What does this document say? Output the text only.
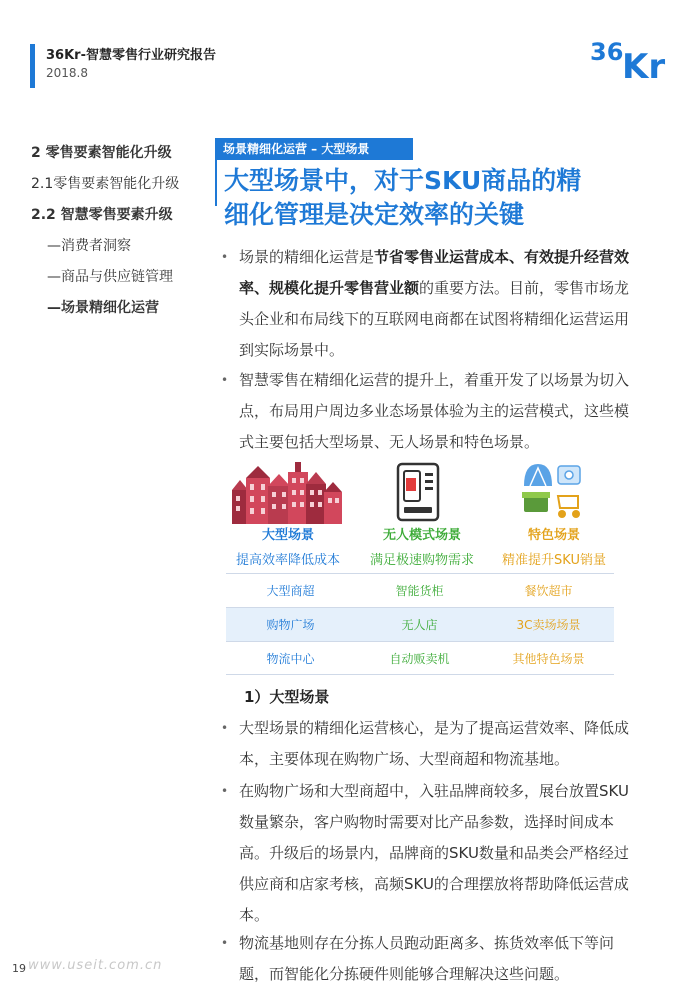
36Kr-智慧零售行业研究报告
2018.8
36
Kr
2 零售要素智能化升级
2.1零售要素智能化升级
2.2 智慧零售要素升级
—消费者洞察
—商品与供应链管理
—场景精细化运营
场景精细化运营 – 大型场景
大型场景中，对于SKU商品的精
细化管理是决定效率的关键
• 场景的精细化运营是节省零售业运营成本、有效提升经营效率、规模化提升零售营业额的重要方法。目前，零售市场龙头企业和布局线下的互联网电商都在试图将精细化运营运用到实际场景中。
• 智慧零售在精细化运营的提升上，着重开发了以场景为切入点，布局用户周边多业态场景体验为主的运营模式，这些模式主要包括大型场景、无人场景和特色场景。
大型场景
提高效率降低成本
无人模式场景
满足极速购物需求
特色场景
精准提升SKU销量
大型商超	智能货柜	餐饮超市
购物广场	无人店	3C卖场场景
物流中心	自动贩卖机	其他特色场景
1）大型场景
• 大型场景的精细化运营核心，是为了提高运营效率、降低成本，主要体现在购物广场、大型商超和物流基地。
• 在购物广场和大型商超中，入驻品牌商较多，展台放置SKU数量繁杂，客户购物时需要对比产品参数，选择时间成本高。升级后的场景内，品牌商的SKU数量和品类会严格经过供应商和店家考核，高频SKU的合理摆放将帮助降低运营成本。
• 物流基地则存在分拣人员跑动距离多、拣货效率低下等问题，而智能化分拣硬件则能够合理解决这些问题。
19 www.useit.com.cn
